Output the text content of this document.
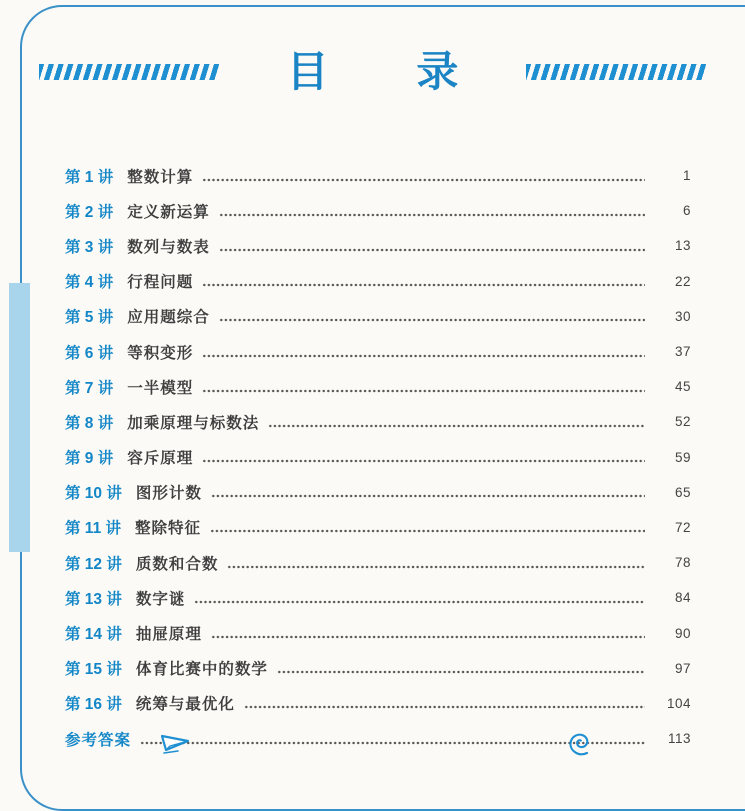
目 录
第 1 讲 整数计算	1
第 2 讲 定义新运算	6
第 3 讲 数列与数表	13
第 4 讲 行程问题	22
第 5 讲 应用题综合	30
第 6 讲 等积变形	37
第 7 讲 一半模型	45
第 8 讲 加乘原理与标数法	52
第 9 讲 容斥原理	59
第 10 讲 图形计数	65
第 11 讲 整除特征	72
第 12 讲 质数和合数	78
第 13 讲 数字谜	84
第 14 讲 抽屉原理	90
第 15 讲 体育比赛中的数学	97
第 16 讲 统筹与最优化	104
参考答案	113
